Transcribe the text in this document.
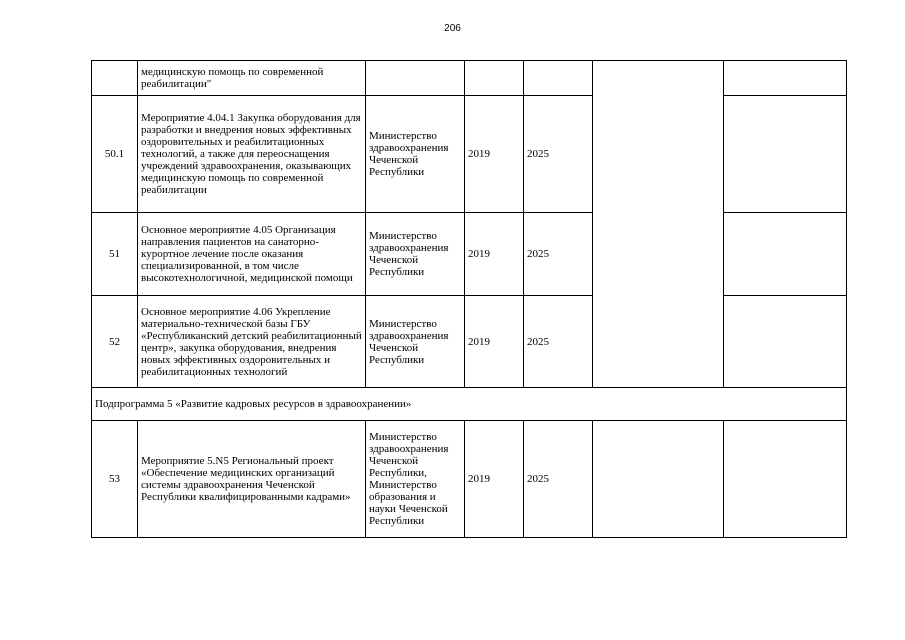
206
	медицинскую помощь по современной реабилитации"					
50.1	Мероприятие 4.04.1 Закупка оборудования для разработки и внедрения новых эффективных оздоровительных и реабилитационных технологий, а также для переоснащения учреждений здравоохранения, оказывающих медицинскую помощь по современной реабилитации	Министерство здравоохранения Чеченской Республики	2019	2025		
51	Основное мероприятие 4.05 Организация направления пациентов на санаторно-курортное лечение после оказания специализированной, в том числе высокотехнологичной, медицинской помощи	Министерство здравоохранения Чеченской Республики	2019	2025		
52	Основное мероприятие 4.06 Укрепление материально-технической базы ГБУ «Республиканский детский реабилитационный центр», закупка оборудования, внедрения новых эффективных оздоровительных и реабилитационных технологий	Министерство здравоохранения Чеченской Республики	2019	2025		
Подпрограмма 5 «Развитие кадровых ресурсов в здравоохранении»						
53	Мероприятие 5.N5 Региональный проект «Обеспечение медицинских организаций системы здравоохранения Чеченской Республики квалифицированными кадрами»	Министерство здравоохранения Чеченской Республики, Министерство образования и науки Чеченской Республики	2019	2025		
